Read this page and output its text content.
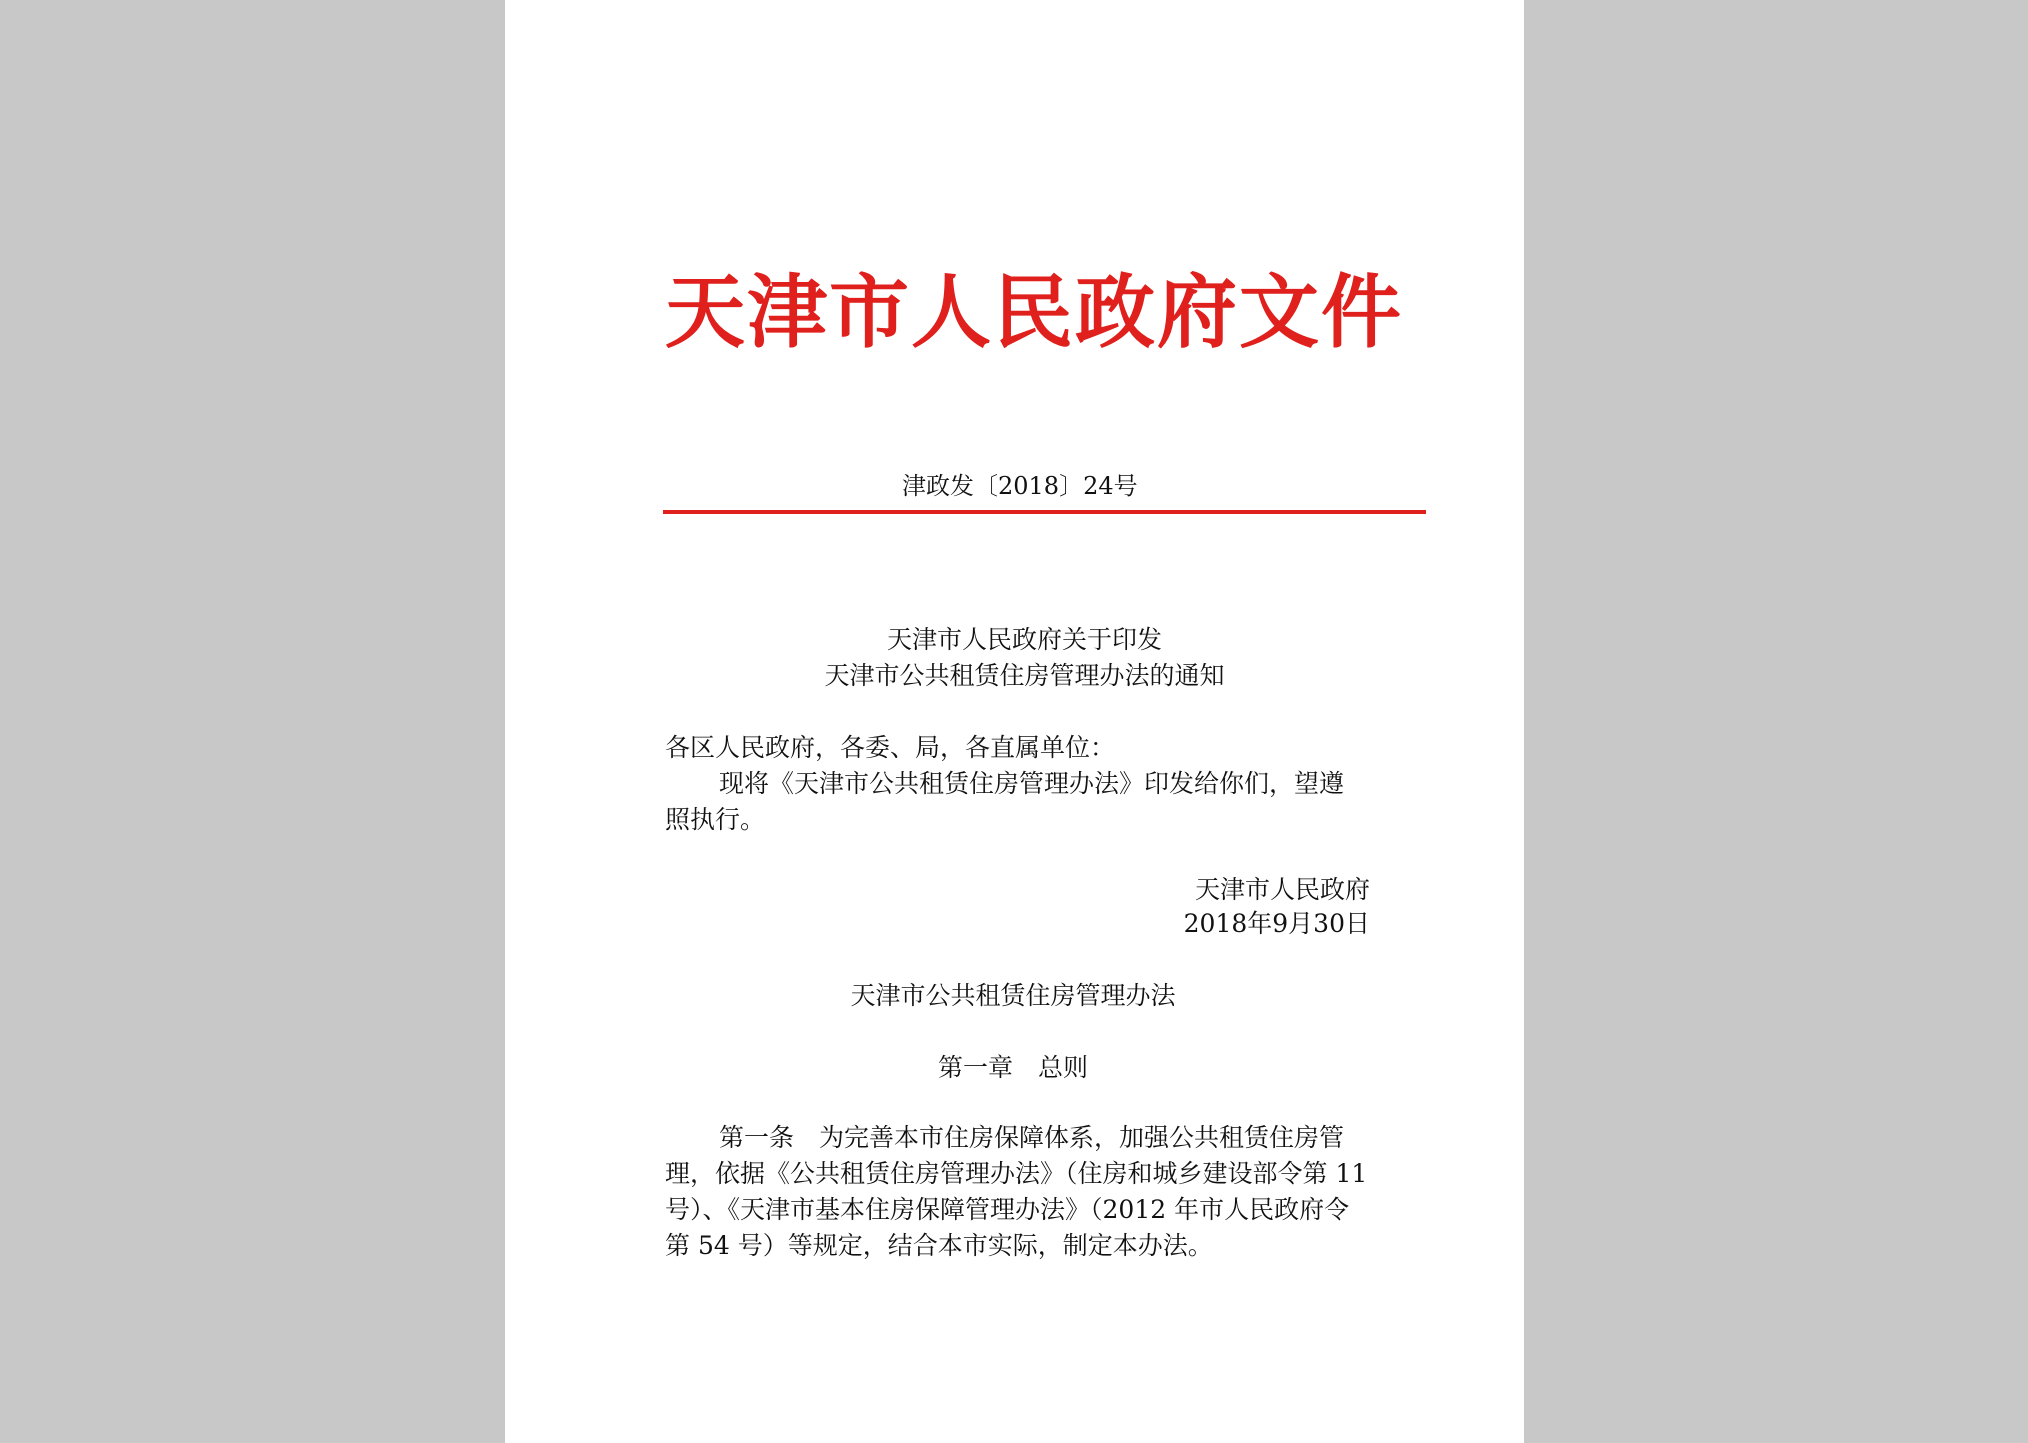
天津市人民政府文件
津政发〔2018〕24号
天津市人民政府关于印发
天津市公共租赁住房管理办法的通知
各区人民政府，各委、局，各直属单位：
现将《天津市公共租赁住房管理办法》印发给你们，望遵照执行。
天津市人民政府
2018年9月30日
天津市公共租赁住房管理办法
第一章　总则
第一条　为完善本市住房保障体系，加强公共租赁住房管理，依据《公共租赁住房管理办法》（住房和城乡建设部令第 11 号）、《天津市基本住房保障管理办法》（2012 年市人民政府令第 54 号）等规定，结合本市实际，制定本办法。
